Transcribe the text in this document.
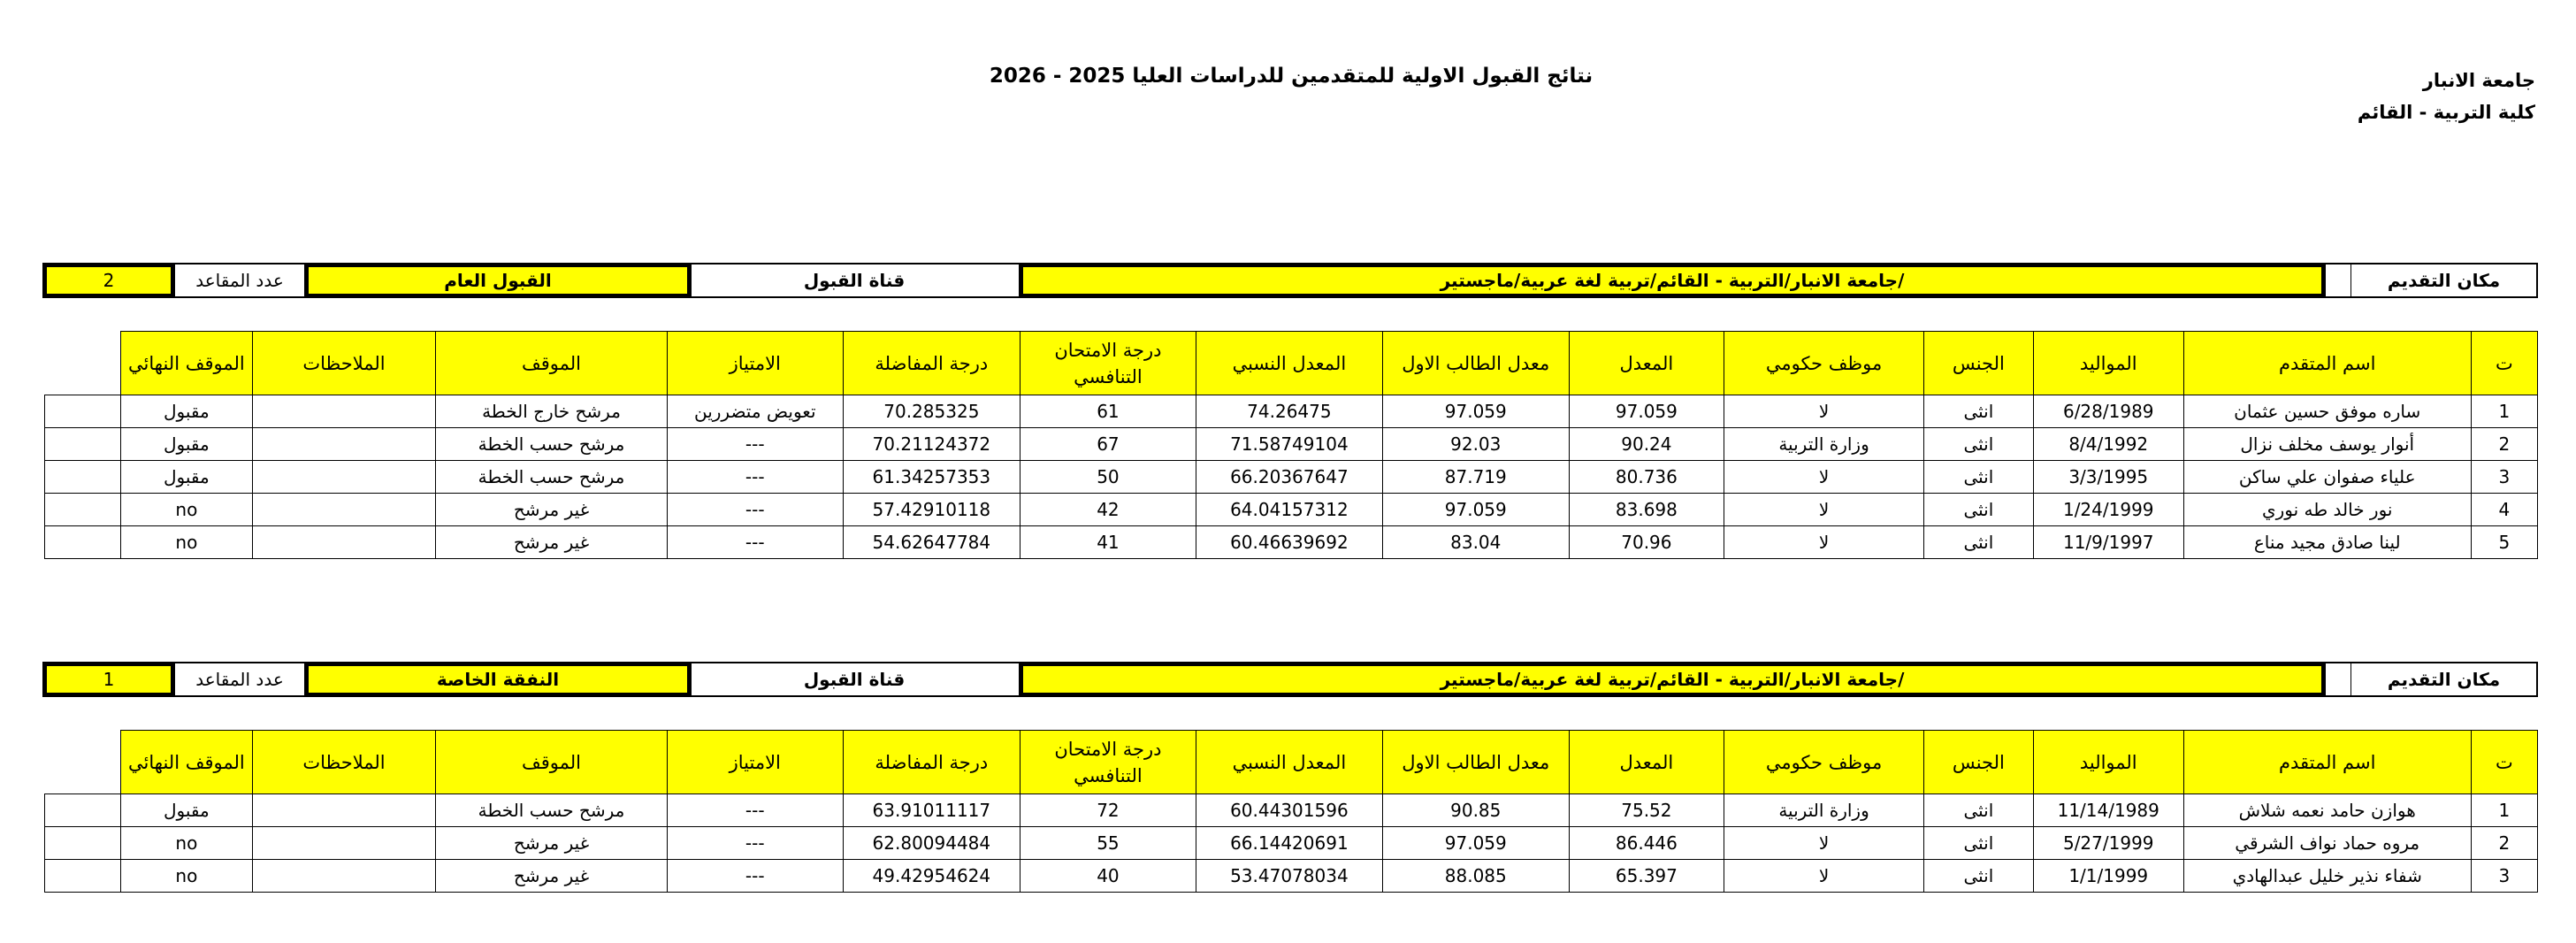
جامعة الانبار
كلية التربية - القائم
نتائج القبول الاولية للمتقدمين للدراسات العليا 2025 - 2026
مكان التقديم
جامعة الانبار/التربية - القائم/تربية لغة عربية/ماجستير/
قناة القبول
القبول العام
عدد المقاعد
2
ت	اسم المتقدم	المواليد	الجنس	موظف حكومي	المعدل	معدل الطالب الاول	المعدل النسبي	درجة الامتحان التنافسي	درجة المفاضلة	الامتياز	الموقف	الملاحظات	الموقف النهائي	
1	ساره موفق حسين عثمان	6/28/1989	انثى	لا	97.059	97.059	74.26475	61	70.285325	تعويض متضررين	مرشح خارج الخطة		مقبول	
2	أنوار يوسف مخلف نزال	8/4/1992	انثى	وزارة التربية	90.24	92.03	71.58749104	67	70.21124372	---	مرشح حسب الخطة		مقبول	
3	علياء صفوان علي ساكن	3/3/1995	انثى	لا	80.736	87.719	66.20367647	50	61.34257353	---	مرشح حسب الخطة		مقبول	
4	نور خالد طه نوري	1/24/1999	انثى	لا	83.698	97.059	64.04157312	42	57.42910118	---	غير مرشح		no	
5	لينا صادق مجيد مناع	11/9/1997	انثى	لا	70.96	83.04	60.46639692	41	54.62647784	---	غير مرشح		no	
مكان التقديم
جامعة الانبار/التربية - القائم/تربية لغة عربية/ماجستير/
قناة القبول
النفقة الخاصة
عدد المقاعد
1
ت	اسم المتقدم	المواليد	الجنس	موظف حكومي	المعدل	معدل الطالب الاول	المعدل النسبي	درجة الامتحان التنافسي	درجة المفاضلة	الامتياز	الموقف	الملاحظات	الموقف النهائي	
1	هوازن حامد نعمه شلاش	11/14/1989	انثى	وزارة التربية	75.52	90.85	60.44301596	72	63.91011117	---	مرشح حسب الخطة		مقبول	
2	مروه حماد نواف الشرقي	5/27/1999	انثى	لا	86.446	97.059	66.14420691	55	62.80094484	---	غير مرشح		no	
3	شفاء نذير خليل عبدالهادي	1/1/1999	انثى	لا	65.397	88.085	53.47078034	40	49.42954624	---	غير مرشح		no	
